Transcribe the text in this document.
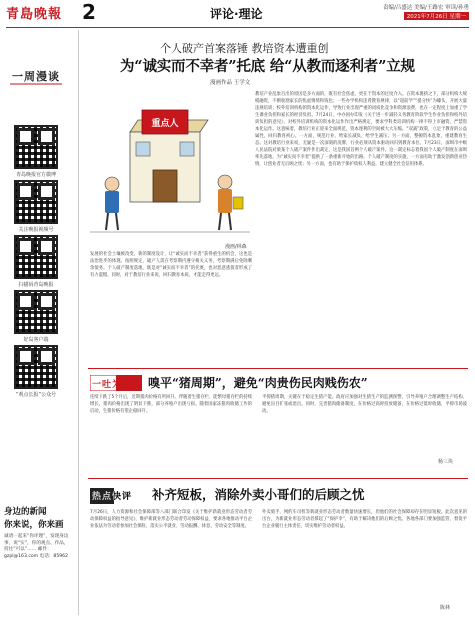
青島晚報 2	评论·理论	责编/吕盛达 美编/王路宏 审读/孙勇
2021年7月26日 星期一
一周漫谈
青岛晚报官方微博
关注晚报视频号
扫描码青岛晚报
好岛客户端
“观点长报”公众号
身边的新闻
你来说，你来画
诚请一起来“你评理”，发现身边事，说“实”，你的观点、作品，投往“可以”…… 邮件：gzpl@163.com 电话：85962
个人破产首案落锤 教培资本遭重创
为“诚实而不幸者”托底 给“从教而逐利者”立规
漫画作品 王学文
重点人
漫画/林森
教培产业乱象百出的原因是多方面的，既有社会焦虑，更在于资本的过度介入。在资本裹挟之下，部分机构大规模融资，不断收割家长的焦虑情绪和钱包；一些办学机构违背教育规律，以“超前学”“提分快”为噱头，开展大量违规培训；校外培训机构的资本化运作，导致行业出现严重的同质化竞争和资源浪费，也在一定程度上加重了学生课业负担和家长的经济负担。7月24日，中办国办印发《关于进一步减轻义务教育阶段学生作业负担和校外培训负担的意见》，对校外培训机构的资本化运作作出严格规定，要求学科类培训机构一律不得上市融资，严禁资本化运作。这意味着，教培行业正迎来全面规范，资本逐利的空间被大大压缩。“双减”政策，立足于教育的公益属性，回归教育初心。一方面，规范行业，给家长减负、给学生减压；另一方面，整顿资本乱象，重建教育生态。这对教培行业来说，无疑是一次深刻的洗牌，行业必须从资本驱动回归到教育本位。7月23日，深圳市中级人民法院对梁某个人破产案件作出裁定，这是我国首例个人破产案件。这一裁定标志着我国个人破产制度在深圳率先落地，为“诚实而不幸者”提供了一条重新开始的出路。个人破产制度的实施，一方面有助于激发创新创业热情，让创业者无后顾之忧；另一方面，也有助于保护债权人利益，建立健全社会信用体系。
发展的社会土壤被改变，新的制度设计，让“诚实而不幸者”获得重生的机会，这也是法治进步的体现。按照规定，破产人需在考察期内遵守相关义务，考察期满后免除剩余债务。个人破产制度落地，既是对“诚实而不幸者”的托底，也对恶意逃债者形成了有力震慑。同时，对于教培行业来说，回归教育本质，才能走得更远。
一吐为快	嗅平“猪周期”，避免“肉贵伤民肉贱伤农”
连续下跌了5个月后，近期猪肉价格有所回升。伴随着生猪存栏、能繁母猪存栏的持续增长，猪肉价格出现了明显下跌，部分养殖户出现亏损。随着国家冻猪肉收储工作的启动，生猪价格有望企稳回升。
平抑猪周期，关键在于稳定生猪产能。政府应加强对生猪生产的监测预警，引导养殖户合理调整生产结构，避免盲目扩张或退出。同时，完善猪肉储备制度，在价格过高时投放储备，在价格过低时收储，平抑市场波动。
杨三块
热点快评	补齐短板，消除外卖小哥们的后顾之忧
7月26日，人力资源和社会保障部等八部门联合印发《关于维护新就业形态劳动者劳动保障权益的指导意见》，维护新就业形态劳动者劳动保障权益，要求各地推动平台企业依法为劳动者参加社会保险，落实公平就业、劳动报酬、休息、劳动安全等制度。
外卖骑手、网约车司机等新就业形态劳动者数量快速增长，但他们的社会保障却存在明显短板。此次意见的出台，为新就业形态劳动者撑起了“保护伞”，有助于解决他们的后顾之忧。各地各部门要加强监管，督促平台企业履行主体责任，切实维护劳动者权益。
陈林
